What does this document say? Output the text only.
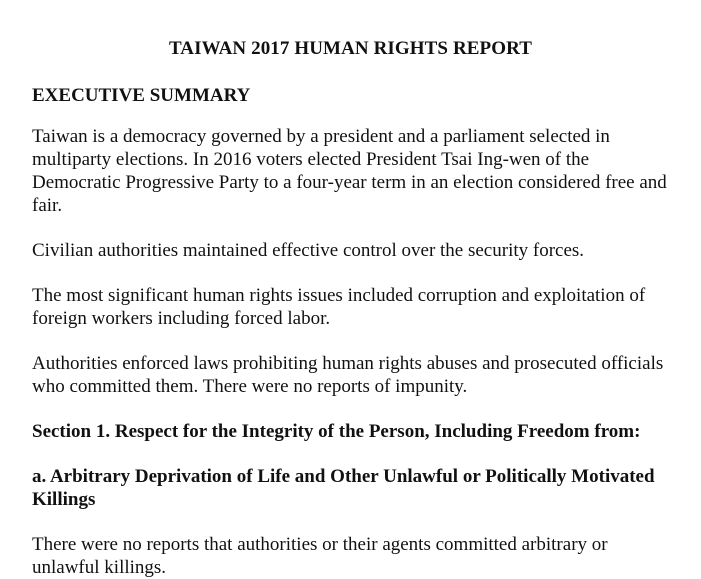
TAIWAN 2017 HUMAN RIGHTS REPORT
EXECUTIVE SUMMARY

Taiwan is a democracy governed by a president and a parliament selected in multiparty elections. In 2016 voters elected President Tsai Ing-wen of the Democratic Progressive Party to a four-year term in an election considered free and fair.

Civilian authorities maintained effective control over the security forces.

The most significant human rights issues included corruption and exploitation of foreign workers including forced labor.

Authorities enforced laws prohibiting human rights abuses and prosecuted officials who committed them. There were no reports of impunity.

Section 1. Respect for the Integrity of the Person, Including Freedom from:
a. Arbitrary Deprivation of Life and Other Unlawful or Politically Motivated Killings

There were no reports that authorities or their agents committed arbitrary or unlawful killings.
